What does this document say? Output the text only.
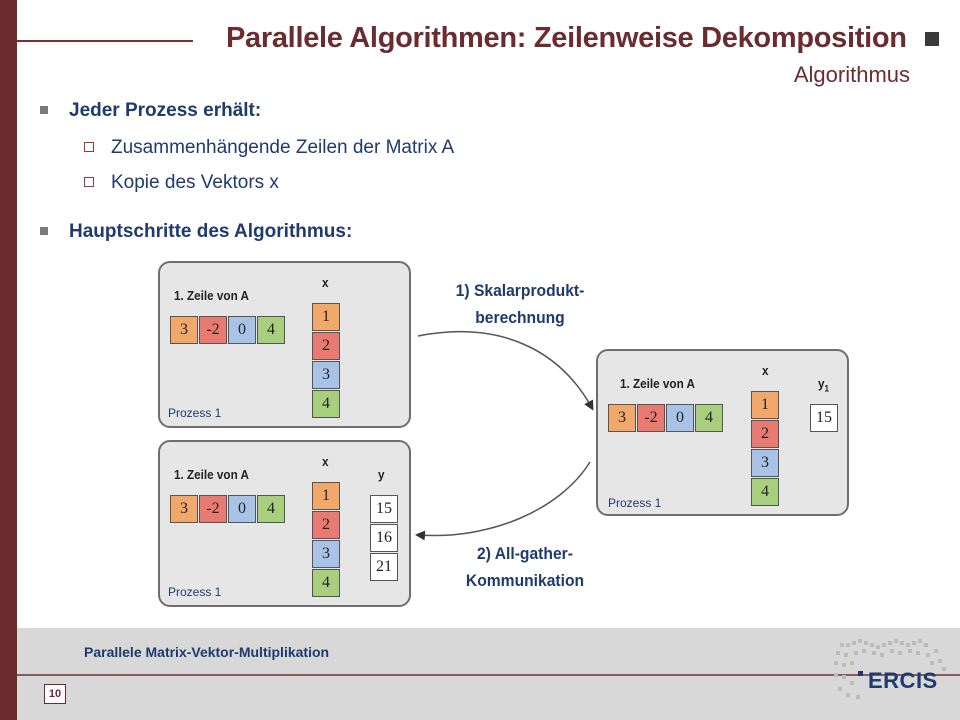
Parallele Algorithmen: Zeilenweise Dekomposition
Algorithmus
Jeder Prozess erhält:
Zusammenhängende Zeilen der Matrix A
Kopie des Vektors x
Hauptschritte des Algorithmus:
1. Zeile von A
x
3	-2	0	4
1
2
3
4
Prozess 1
1. Zeile von A
x
$y_1$
3	-2	0	4
1
2
3
4
15
Prozess 1
1. Zeile von A
x
y
3	-2	0	4
1
2
3
4
15
16
21
Prozess 1
1) Skalarprodukt-
berechnung
2) All-gather-
Kommunikation
Parallele Matrix-Vektor-Multiplikation
10
ERCIS
